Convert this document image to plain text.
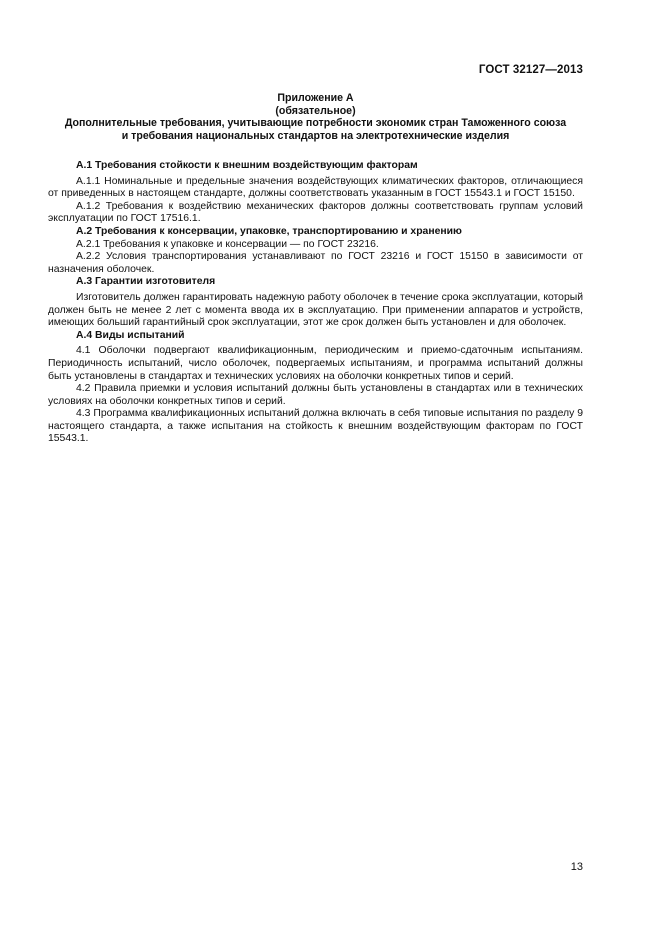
ГОСТ 32127—2013
Приложение А
(обязательное)
Дополнительные требования, учитывающие потребности экономик стран Таможенного союза
и требования национальных стандартов на электротехнические изделия

А.1 Требования стойкости к внешним воздействующим факторам

А.1.1 Номинальные и предельные значения воздействующих климатических факторов, отличающиеся от приведенных в настоящем стандарте, должны соответствовать указанным в ГОСТ 15543.1 и ГОСТ 15150.

А.1.2 Требования к воздействию механических факторов должны соответствовать группам условий эксплуатации по ГОСТ 17516.1.

А.2 Требования к консервации, упаковке, транспортированию и хранению

А.2.1 Требования к упаковке и консервации — по ГОСТ 23216.

А.2.2 Условия транспортирования устанавливают по ГОСТ 23216 и ГОСТ 15150 в зависимости от назначения оболочек.

А.3 Гарантии изготовителя

Изготовитель должен гарантировать надежную работу оболочек в течение срока эксплуатации, который должен быть не менее 2 лет с момента ввода их в эксплуатацию. При применении аппаратов и устройств, имеющих больший гарантийный срок эксплуатации, этот же срок должен быть установлен и для оболочек.

А.4 Виды испытаний

4.1 Оболочки подвергают квалификационным, периодическим и приемо-сдаточным испытаниям. Периодичность испытаний, число оболочек, подвергаемых испытаниям, и программа испытаний должны быть установлены в стандартах и технических условиях на оболочки конкретных типов и серий.

4.2 Правила приемки и условия испытаний должны быть установлены в стандартах или в технических условиях на оболочки конкретных типов и серий.

4.3 Программа квалификационных испытаний должна включать в себя типовые испытания по разделу 9 настоящего стандарта, а также испытания на стойкость к внешним воздействующим факторам по ГОСТ 15543.1.

13
